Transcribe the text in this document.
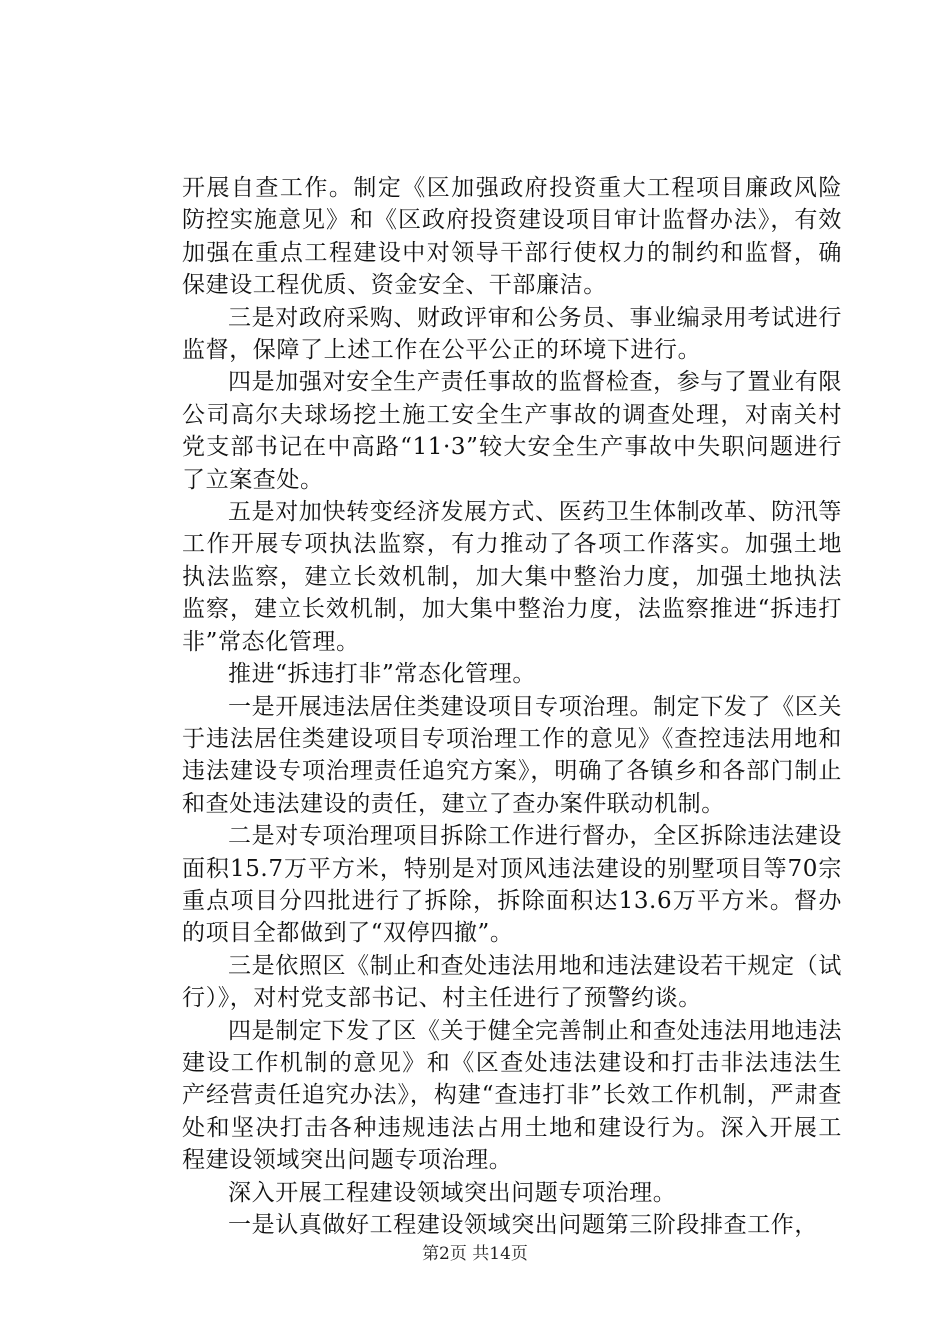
开展自查工作。制定《区加强政府投资重大工程项目廉政风险防控实施意见》和《区政府投资建设项目审计监督办法》，有效加强在重点工程建设中对领导干部行使权力的制约和监督，确保建设工程优质、资金安全、干部廉洁。

三是对政府采购、财政评审和公务员、事业编录用考试进行监督，保障了上述工作在公平公正的环境下进行。

四是加强对安全生产责任事故的监督检查，参与了置业有限公司高尔夫球场挖土施工安全生产事故的调查处理，对南关村党支部书记在中高路“11·3”较大安全生产事故中失职问题进行了立案查处。

五是对加快转变经济发展方式、医药卫生体制改革、防汛等工作开展专项执法监察，有力推动了各项工作落实。加强土地执法监察，建立长效机制，加大集中整治力度，加强土地执法监察，建立长效机制，加大集中整治力度，法监察推进“拆违打非”常态化管理。

推进“拆违打非”常态化管理。

一是开展违法居住类建设项目专项治理。制定下发了《区关于违法居住类建设项目专项治理工作的意见》《查控违法用地和违法建设专项治理责任追究方案》，明确了各镇乡和各部门制止和查处违法建设的责任，建立了查办案件联动机制。

二是对专项治理项目拆除工作进行督办，全区拆除违法建设面积15.7万平方米，特别是对顶风违法建设的别墅项目等70宗重点项目分四批进行了拆除，拆除面积达13.6万平方米。督办的项目全都做到了“双停四撤”。

三是依照区《制止和查处违法用地和违法建设若干规定（试行）》，对村党支部书记、村主任进行了预警约谈。

四是制定下发了区《关于健全完善制止和查处违法用地违法建设工作机制的意见》和《区查处违法建设和打击非法违法生产经营责任追究办法》，构建“查违打非”长效工作机制，严肃查处和坚决打击各种违规违法占用土地和建设行为。深入开展工程建设领域突出问题专项治理。

深入开展工程建设领域突出问题专项治理。

一是认真做好工程建设领域突出问题第三阶段排查工作，

第2页 共14页
